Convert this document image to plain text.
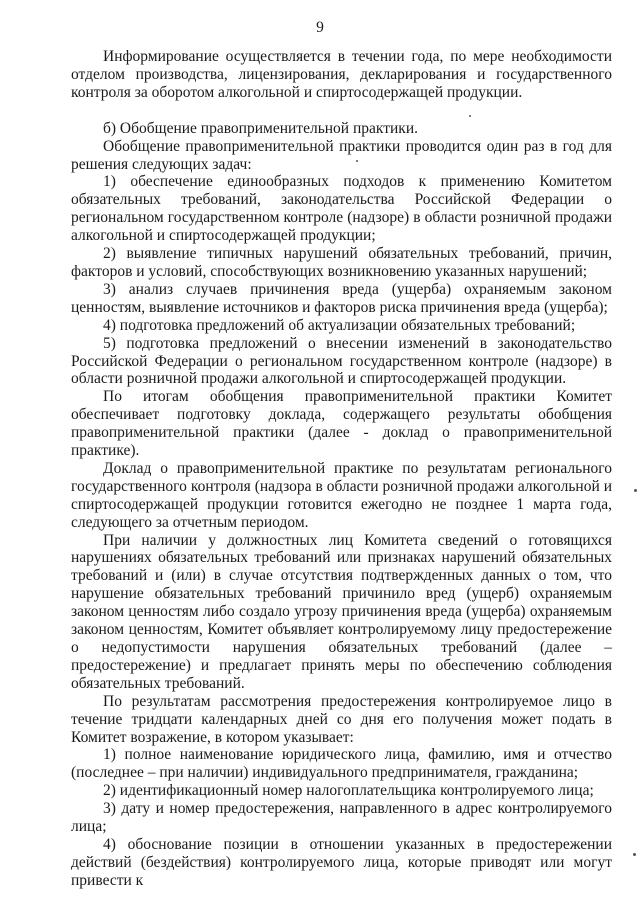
9

Информирование осуществляется в течении года, по мере необходимости отделом производства, лицензирования, декларирования и государственного контроля за оборотом алкогольной и спиртосодержащей продукции.

б) Обобщение правоприменительной практики.

Обобщение правоприменительной практики проводится один раз в год для решения следующих задач:

1) обеспечение единообразных подходов к применению Комитетом обязательных требований, законодательства Российской Федерации о региональном государственном контроле (надзоре) в области розничной продажи алкогольной и спиртосодержащей продукции;

2) выявление типичных нарушений обязательных требований, причин, факторов и условий, способствующих возникновению указанных нарушений;

3) анализ случаев причинения вреда (ущерба) охраняемым законом ценностям, выявление источников и факторов риска причинения вреда (ущерба);

4) подготовка предложений об актуализации обязательных требований;

5) подготовка предложений о внесении изменений в законодательство Российской Федерации о региональном государственном контроле (надзоре) в области розничной продажи алкогольной и спиртосодержащей продукции.

По итогам обобщения правоприменительной практики Комитет обеспечивает подготовку доклада, содержащего результаты обобщения правоприменительной практики (далее - доклад о правоприменительной практике).

Доклад о правоприменительной практике по результатам регионального государственного контроля (надзора в области розничной продажи алкогольной и спиртосодержащей продукции готовится ежегодно не позднее 1 марта года, следующего за отчетным периодом.

При наличии у должностных лиц Комитета сведений о готовящихся нарушениях обязательных требований или признаках нарушений обязательных требований и (или) в случае отсутствия подтвержденных данных о том, что нарушение обязательных требований причинило вред (ущерб) охраняемым законом ценностям либо создало угрозу причинения вреда (ущерба) охраняемым законом ценностям, Комитет объявляет контролируемому лицу предостережение о недопустимости нарушения обязательных требований (далее – предостережение) и предлагает принять меры по обеспечению соблюдения обязательных требований.

По результатам рассмотрения предостережения контролируемое лицо в течение тридцати календарных дней со дня его получения может подать в Комитет возражение, в котором указывает:

1) полное наименование юридического лица, фамилию, имя и отчество (последнее – при наличии) индивидуального предпринимателя, гражданина;

2) идентификационный номер налогоплательщика контролируемого лица;

3) дату и номер предостережения, направленного в адрес контролируемого лица;

4) обоснование позиции в отношении указанных в предостережении действий (бездействия) контролируемого лица, которые приводят или могут привести к
